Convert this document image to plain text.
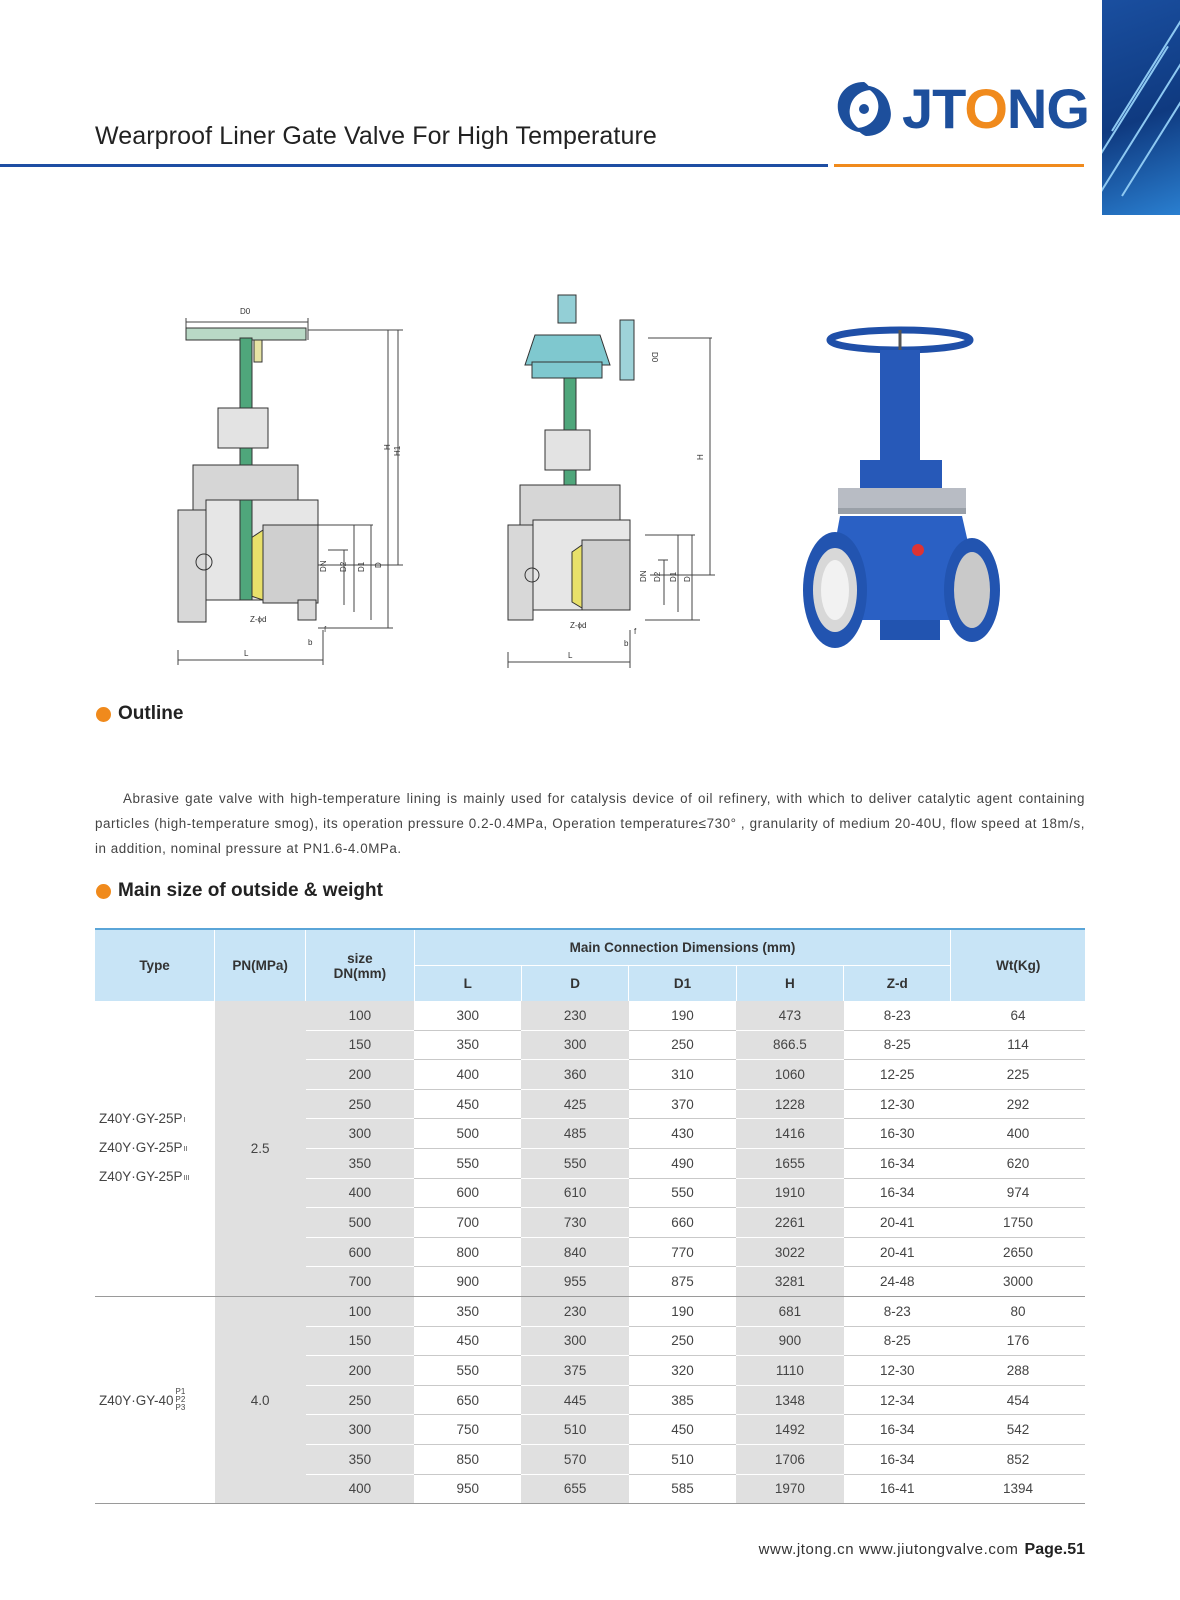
JTONG
Wearproof Liner Gate Valve For High Temperature
D0
H H1
DN D2 D1 D
Z-ϕd
L
b
f
D0
H
DN D2 D1 D
Z-ϕd
L
b
f
Outline
Abrasive gate valve with high-temperature lining is mainly used for catalysis device of oil refinery, with which to deliver catalytic agent containing particles (high-temperature smog), its operation pressure 0.2-0.4MPa, Operation temperature≤730° , granularity of medium 20-40U, flow speed at 18m/s, in addition, nominal pressure at PN1.6-4.0MPa.
Main size of outside & weight
Type	PN(MPa)	size
DN(mm)	Main Connection Dimensions (mm)					Wt(Kg)
			L	D	D1	H	Z-d	

Z40Y·GY-25PI
Z40Y·GY-25PII
Z40Y·GY-25PIII	2.5	100	300	230	190	473	8-23	64
		150	350	300	250	866.5	8-25	114
		200	400	360	310	1060	12-25	225
		250	450	425	370	1228	12-30	292
		300	500	485	430	1416	16-30	400
		350	550	550	490	1655	16-34	620
		400	600	610	550	1910	16-34	974
		500	700	730	660	2261	20-41	1750
		600	800	840	770	3022	20-41	2650
		700	900	955	875	3281	24-48	3000

Z40Y·GY-40
P1
P2
P3	4.0	100	350	230	190	681	8-23	80
		150	450	300	250	900	8-25	176
		200	550	375	320	1110	12-30	288
		250	650	445	385	1348	12-34	454
		300	750	510	450	1492	16-34	542
		350	850	570	510	1706	16-34	852
		400	950	655	585	1970	16-41	1394
www.jtong.cn www.jiutongvalve.com Page.51
